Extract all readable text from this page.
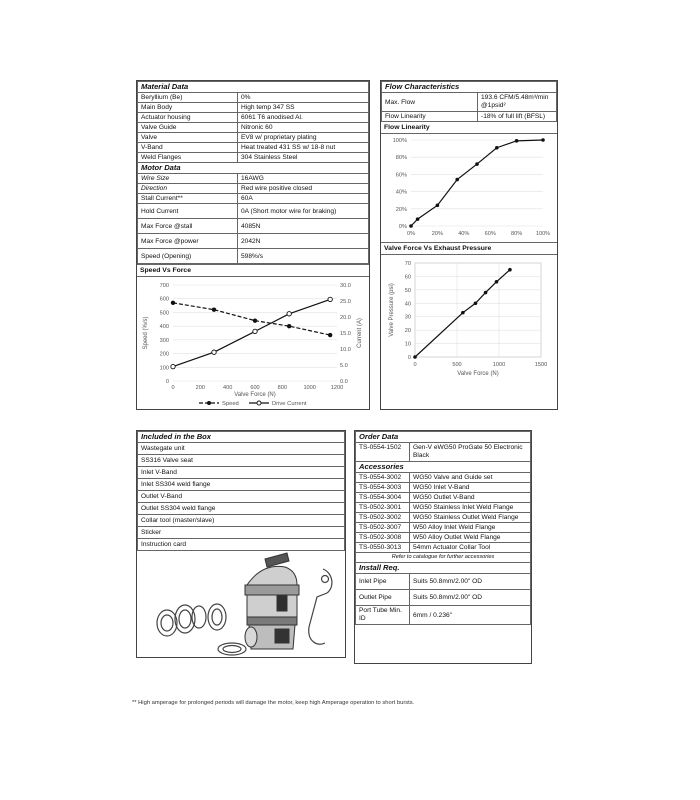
Material Data	
Beryllium (Be)	0%
Main Body	High temp 347 SS
Actuator housing	6061 T6 anodised Al.
Valve Guide	Nitronic 60
Valve	EV8 w/ proprietary plating
V-Band	Heat treated 431 SS w/ 18-8 nut
Weld Flanges	304 Stainless Steel
Motor Data	
Wire Size	16AWG
Direction	Red wire positive closed
Stall Current**	60A
Hold Current	0A (Short motor wire for braking)
Max Force @stall	4085N
Max Force @power	2042N
Speed (Opening)	598%/s
Speed Vs Force
0
100
200
300
400
500
600
700
0.0
5.0
10.0
15.0
20.0
25.0
30.0
0	200	400	600	800	1000	1200
Speed (%/s)	Current (A)
Valve Force (N)
Speed	Drive Current
Flow Characteristics	
Max. Flow	193.6 CFM/5.48m³/min @1psid²
Flow Linearity	-18% of full lift (BFSL)
Flow Linearity
0%
20%
40%
60%
80%
100%
0%	20%	40%	60%	80% 100%
Valve Force Vs Exhaust Pressure
0
10
20
30
40
50
60
70
0	500	1000	1500
Valve Pressure (psi)
Valve Force (N)
Included in the Box
Wastegate unit
SS316 Valve seat
Inlet V-Band
Inlet SS304 weld flange
Outlet V-Band
Outlet SS304 weld flange
Collar tool (master/slave)
Sticker
Instruction card
Order Data	
TS-0554-1502	Gen-V eWG50 ProGate 50 Electronic Black
Accessories	
TS-0554-3002	WG50 Valve and Guide set
TS-0554-3003	WG50 Inlet V-Band
TS-0554-3004	WG50 Outlet V-Band
TS-0502-3001	WG50 Stainless Inlet Weld Flange
TS-0502-3002	WG50 Stainless Outlet Weld Flange
TS-0502-3007	W50 Alloy Inlet Weld Flange
TS-0502-3008	W50 Alloy Outlet Weld Flange
TS-0550-3013	54mm Actuator Collar Tool
Refer to catalogue for further accessories	
Install Req.	
Inlet Pipe	Suits 50.8mm/2.00" OD
Outlet Pipe	Suits 50.8mm/2.00" OD
Port Tube Min. ID	6mm / 0.236"
** High amperage for prolonged periods will damage the motor, keep high Amperage operation to short bursts.
